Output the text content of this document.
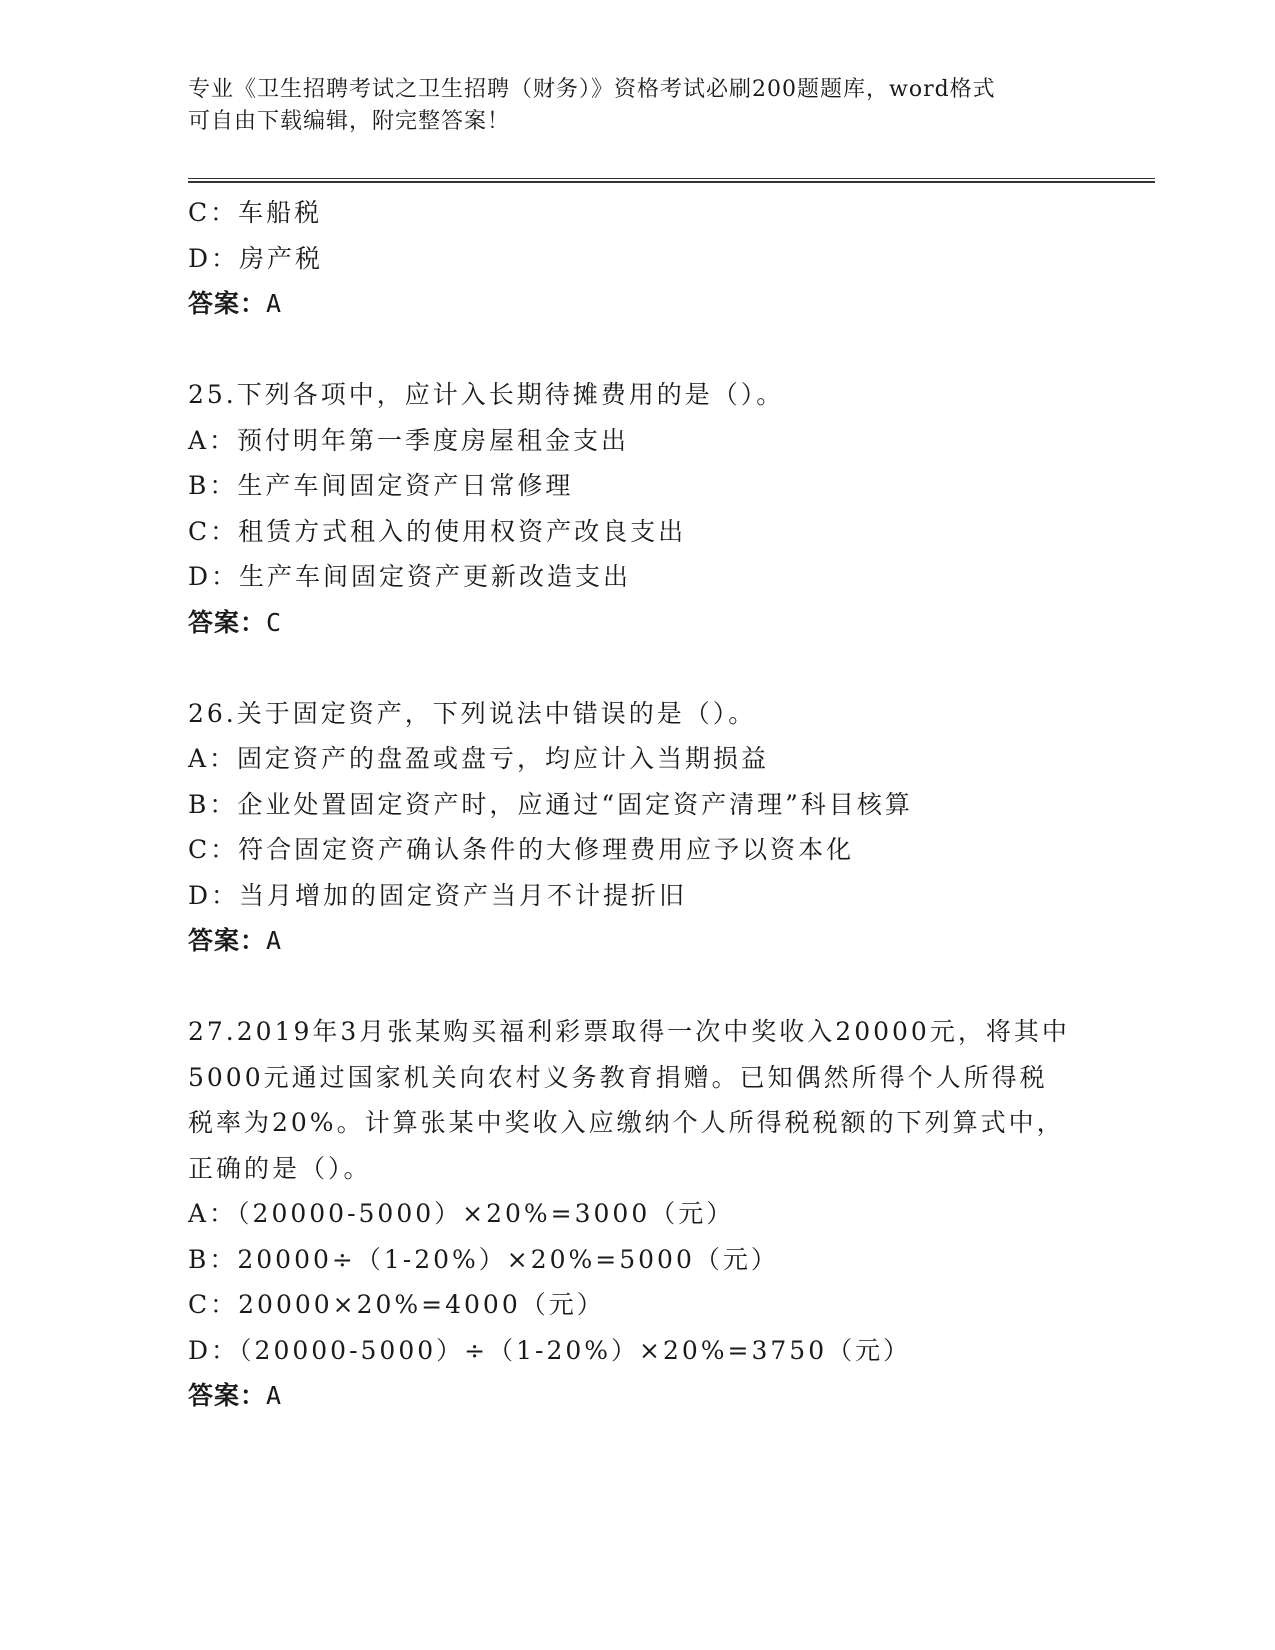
专业《卫生招聘考试之卫生招聘（财务）》资格考试必刷200题题库，word格式
可自由下载编辑，附完整答案！
C：车船税
D：房产税
答案：A
25.下列各项中，应计入长期待摊费用的是（）。
A：预付明年第一季度房屋租金支出
B：生产车间固定资产日常修理
C：租赁方式租入的使用权资产改良支出
D：生产车间固定资产更新改造支出
答案：C
26.关于固定资产，下列说法中错误的是（）。
A：固定资产的盘盈或盘亏，均应计入当期损益
B：企业处置固定资产时，应通过“固定资产清理”科目核算
C：符合固定资产确认条件的大修理费用应予以资本化
D：当月增加的固定资产当月不计提折旧
答案：A
27.2019年3月张某购买福利彩票取得一次中奖收入20000元，将其中
5000元通过国家机关向农村义务教育捐赠。已知偶然所得个人所得税
税率为20%。计算张某中奖收入应缴纳个人所得税税额的下列算式中，
正确的是（）。
A：（20000-5000）×20%=3000（元）
B：20000÷（1-20%）×20%=5000（元）
C：20000×20%=4000（元）
D：（20000-5000）÷（1-20%）×20%=3750（元）
答案：A
